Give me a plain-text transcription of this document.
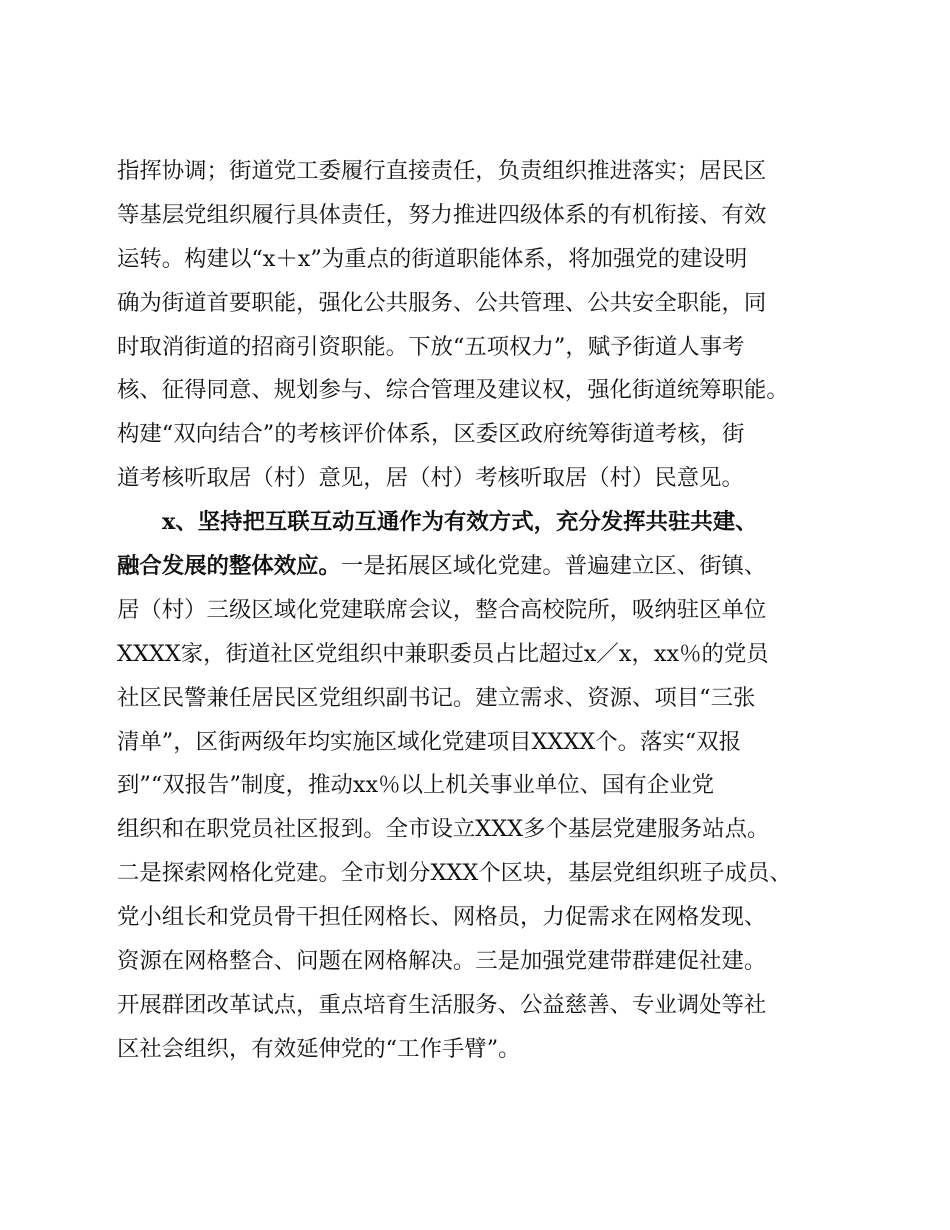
指挥协调；街道党工委履行直接责任，负责组织推进落实；居民区
等基层党组织履行具体责任，努力推进四级体系的有机衔接、有效
运转。构建以“x＋x”为重点的街道职能体系，将加强党的建设明
确为街道首要职能，强化公共服务、公共管理、公共安全职能，同
时取消街道的招商引资职能。下放“五项权力”，赋予街道人事考
核、征得同意、规划参与、综合管理及建议权，强化街道统筹职能。
构建“双向结合”的考核评价体系，区委区政府统筹街道考核，街
道考核听取居（村）意见，居（村）考核听取居（村）民意见。
x、坚持把互联互动互通作为有效方式，充分发挥共驻共建、
融合发展的整体效应。一是拓展区域化党建。普遍建立区、街镇、
居（村）三级区域化党建联席会议，整合高校院所，吸纳驻区单位
XXXX家，街道社区党组织中兼职委员占比超过x／x，xx％的党员
社区民警兼任居民区党组织副书记。建立需求、资源、项目“三张
清单”，区街两级年均实施区域化党建项目XXXX个。落实“双报
到”“双报告”制度，推动xx％以上机关事业单位、国有企业党
组织和在职党员社区报到。全市设立XXX多个基层党建服务站点。
二是探索网格化党建。全市划分XXX个区块，基层党组织班子成员、
党小组长和党员骨干担任网格长、网格员，力促需求在网格发现、
资源在网格整合、问题在网格解决。三是加强党建带群建促社建。
开展群团改革试点，重点培育生活服务、公益慈善、专业调处等社
区社会组织，有效延伸党的“工作手臂”。
